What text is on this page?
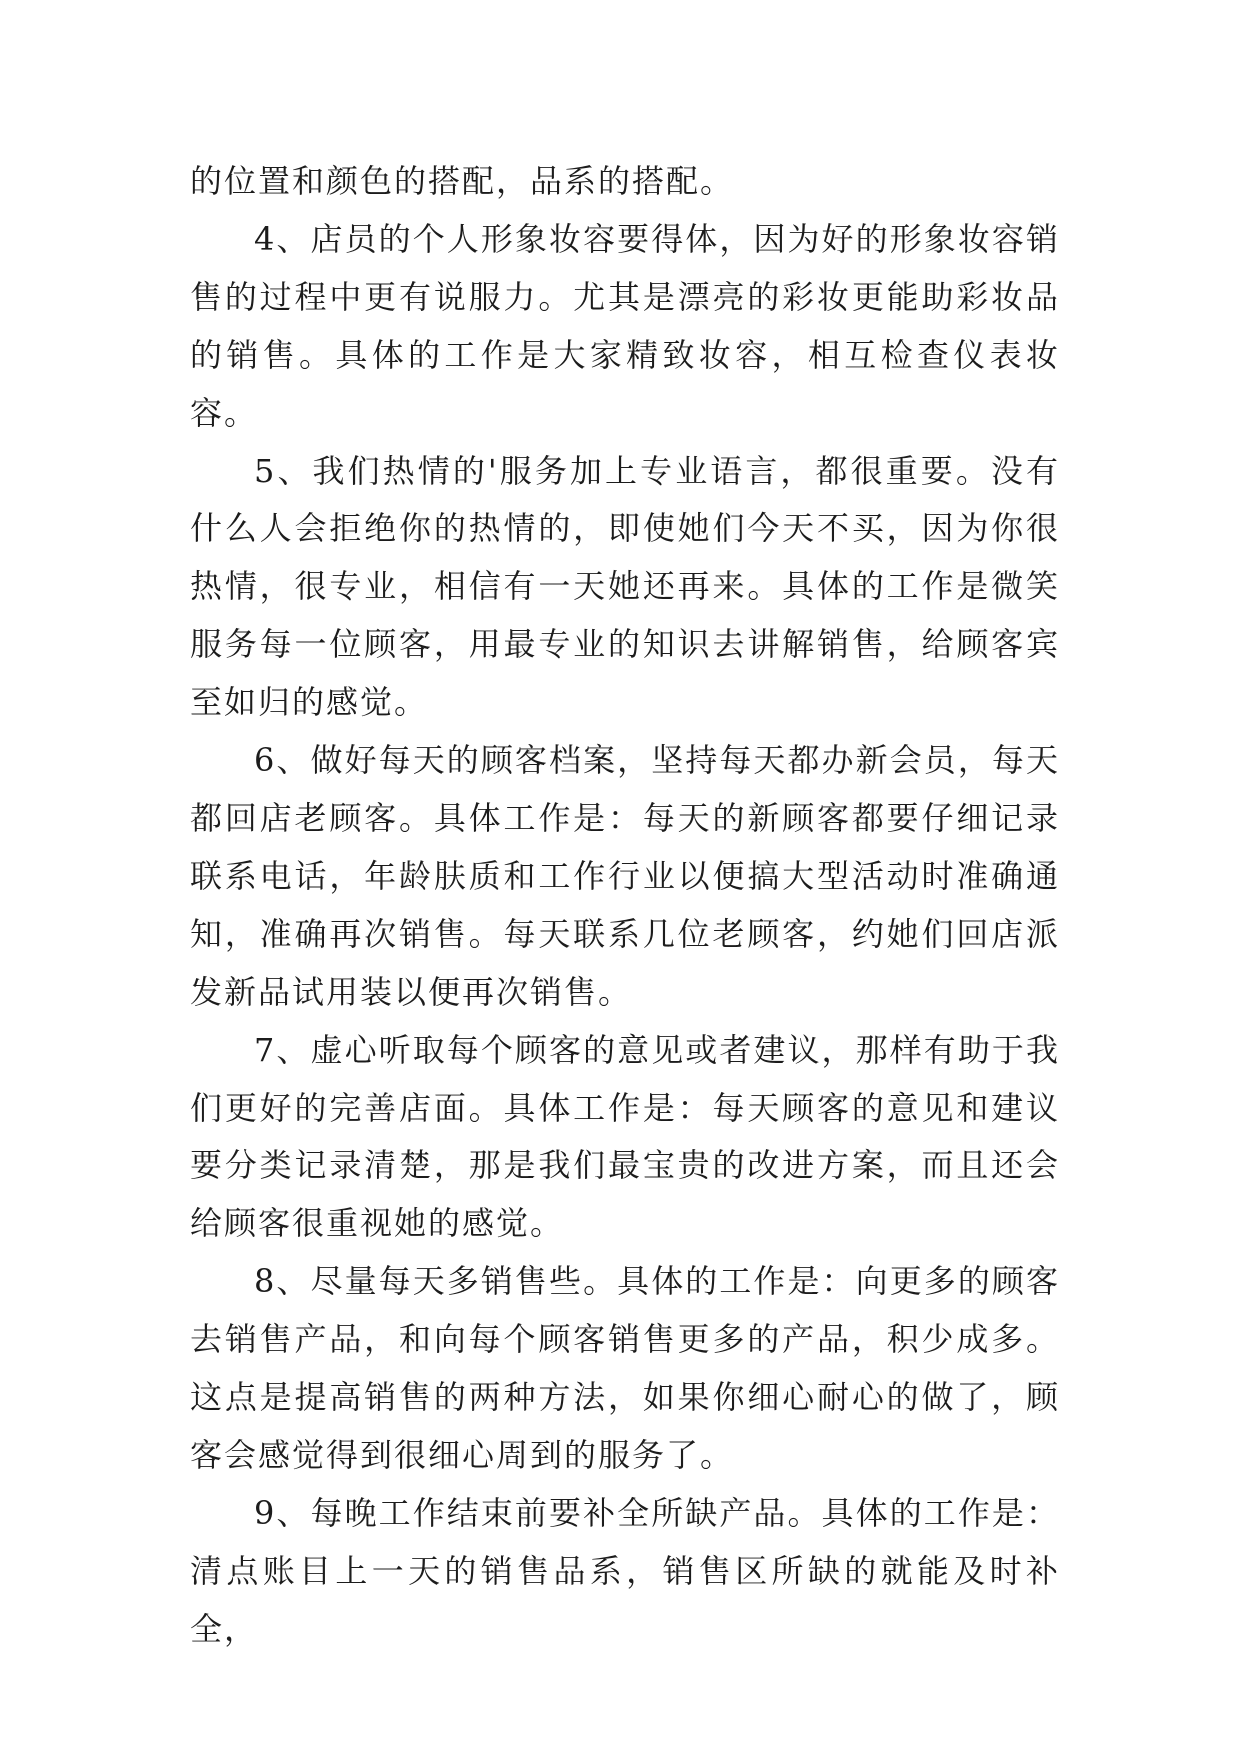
的位置和颜色的搭配，品系的搭配。

4、店员的个人形象妆容要得体，因为好的形象妆容销售的过程中更有说服力。尤其是漂亮的彩妆更能助彩妆品的销售。具体的工作是大家精致妆容，相互检查仪表妆容。

5、我们热情的'服务加上专业语言，都很重要。没有什么人会拒绝你的热情的，即使她们今天不买，因为你很热情，很专业，相信有一天她还再来。具体的工作是微笑服务每一位顾客，用最专业的知识去讲解销售，给顾客宾至如归的感觉。

6、做好每天的顾客档案，坚持每天都办新会员，每天都回店老顾客。具体工作是：每天的新顾客都要仔细记录联系电话，年龄肤质和工作行业以便搞大型活动时准确通知，准确再次销售。每天联系几位老顾客，约她们回店派发新品试用装以便再次销售。

7、虚心听取每个顾客的意见或者建议，那样有助于我们更好的完善店面。具体工作是：每天顾客的意见和建议要分类记录清楚，那是我们最宝贵的改进方案，而且还会给顾客很重视她的感觉。

8、尽量每天多销售些。具体的工作是：向更多的顾客去销售产品，和向每个顾客销售更多的产品，积少成多。这点是提高销售的两种方法，如果你细心耐心的做了，顾客会感觉得到很细心周到的服务了。

9、每晚工作结束前要补全所缺产品。具体的工作是：清点账目上一天的销售品系，销售区所缺的就能及时补全，
